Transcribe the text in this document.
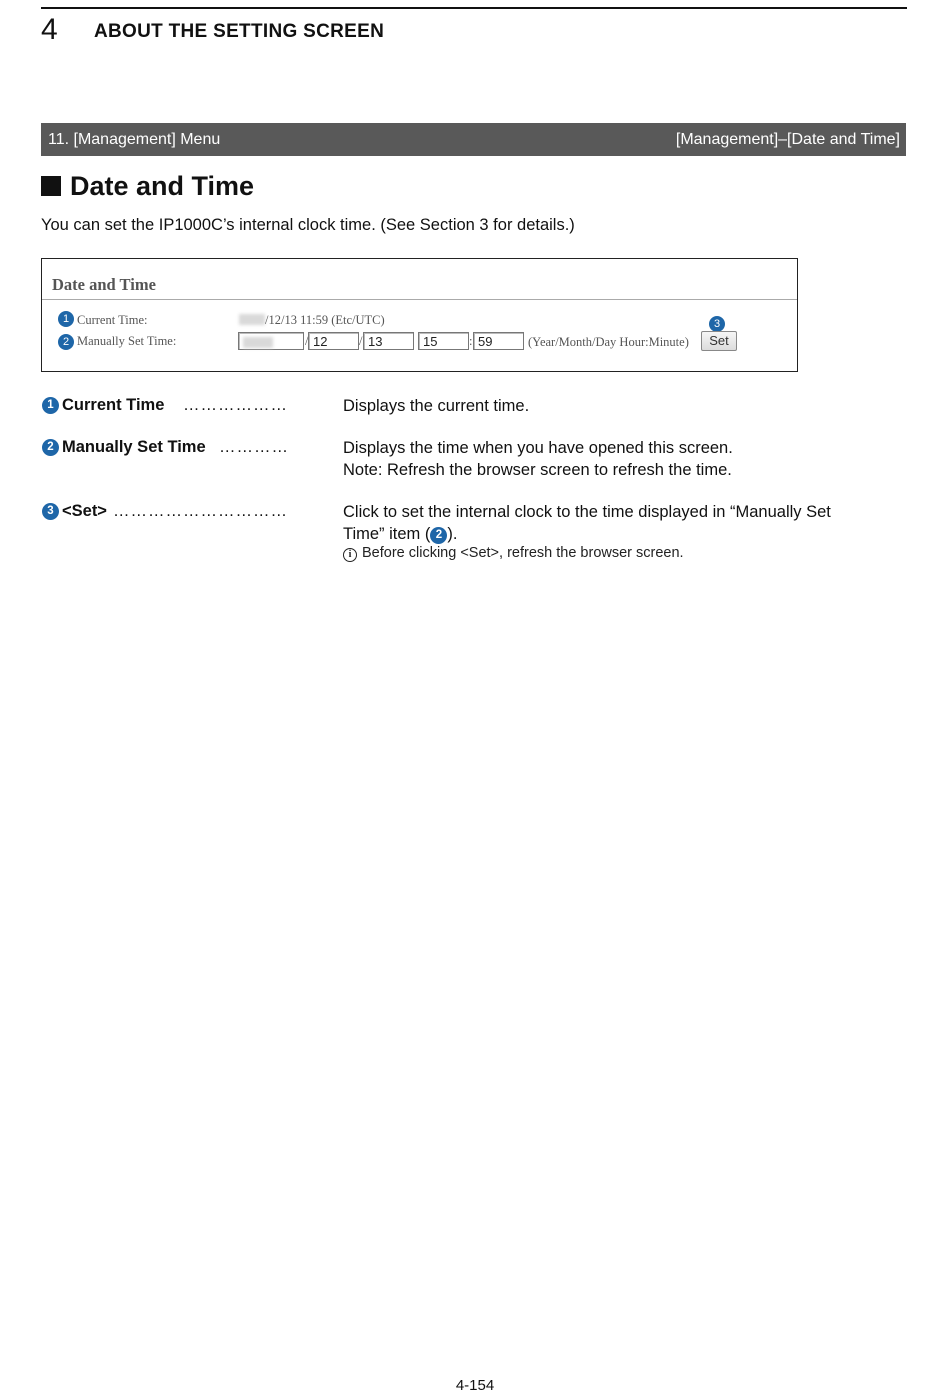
4 ABOUT THE SETTING SCREEN
11. [Management] Menu	[Management]–[Date and Time]
Date and Time
You can set the IP1000C’s internal clock time. (See Section 3 for details.)
Date and Time
1 Current Time:	/12/13 11:59 (Etc/UTC)
2 Manually Set Time:	/ 12	/ 13	15	: 59	(Year/Month/Day Hour:Minute)
3
Set
1 Current Time ………………	Displays the current time.
2 Manually Set Time …………	Displays the time when you have opened this screen.
Note: Refresh the browser screen to refresh the time.
3 <Set> …………………………	Click to set the internal clock to the time displayed in “Manually Set
Time” item ( 2 ).
i Before clicking <Set>, refresh the browser screen.
4-154
